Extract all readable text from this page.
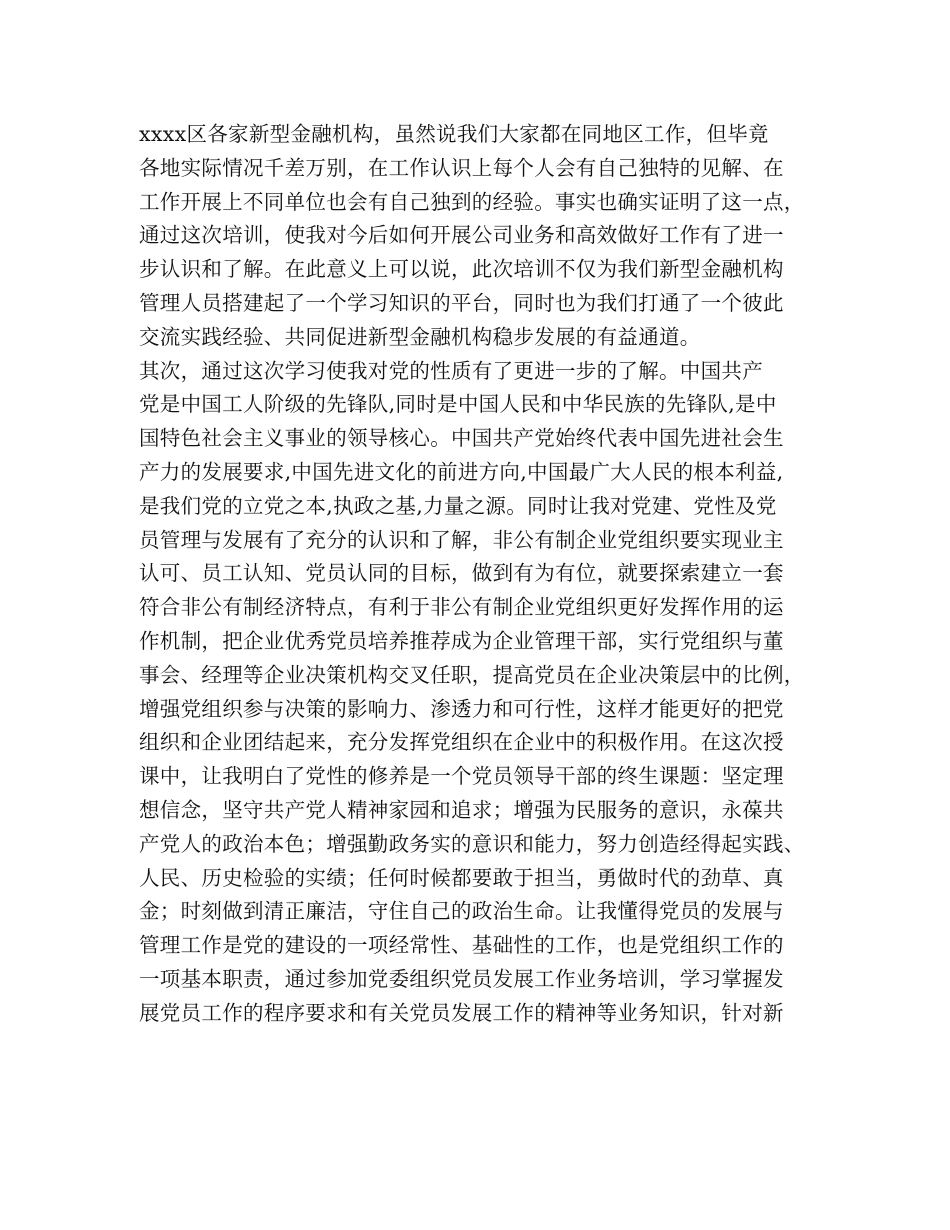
xxxx区各家新型金融机构，虽然说我们大家都在同地区工作，但毕竟
各地实际情况千差万别，在工作认识上每个人会有自己独特的见解、在
工作开展上不同单位也会有自己独到的经验。事实也确实证明了这一点，
通过这次培训，使我对今后如何开展公司业务和高效做好工作有了进一
步认识和了解。在此意义上可以说，此次培训不仅为我们新型金融机构
管理人员搭建起了一个学习知识的平台，同时也为我们打通了一个彼此
交流实践经验、共同促进新型金融机构稳步发展的有益通道。
其次，通过这次学习使我对党的性质有了更进一步的了解。中国共产
党是中国工人阶级的先锋队,同时是中国人民和中华民族的先锋队,是中
国特色社会主义事业的领导核心。中国共产党始终代表中国先进社会生
产力的发展要求,中国先进文化的前进方向,中国最广大人民的根本利益,
是我们党的立党之本,执政之基,力量之源。同时让我对党建、党性及党
员管理与发展有了充分的认识和了解，非公有制企业党组织要实现业主
认可、员工认知、党员认同的目标，做到有为有位，就要探索建立一套
符合非公有制经济特点，有利于非公有制企业党组织更好发挥作用的运
作机制，把企业优秀党员培养推荐成为企业管理干部，实行党组织与董
事会、经理等企业决策机构交叉任职，提高党员在企业决策层中的比例，
增强党组织参与决策的影响力、渗透力和可行性，这样才能更好的把党
组织和企业团结起来，充分发挥党组织在企业中的积极作用。在这次授
课中，让我明白了党性的修养是一个党员领导干部的终生课题：坚定理
想信念，坚守共产党人精神家园和追求；增强为民服务的意识，永葆共
产党人的政治本色；增强勤政务实的意识和能力，努力创造经得起实践、
人民、历史检验的实绩；任何时候都要敢于担当，勇做时代的劲草、真
金；时刻做到清正廉洁，守住自己的政治生命。让我懂得党员的发展与
管理工作是党的建设的一项经常性、基础性的工作，也是党组织工作的
一项基本职责，通过参加党委组织党员发展工作业务培训，学习掌握发
展党员工作的程序要求和有关党员发展工作的精神等业务知识，针对新
